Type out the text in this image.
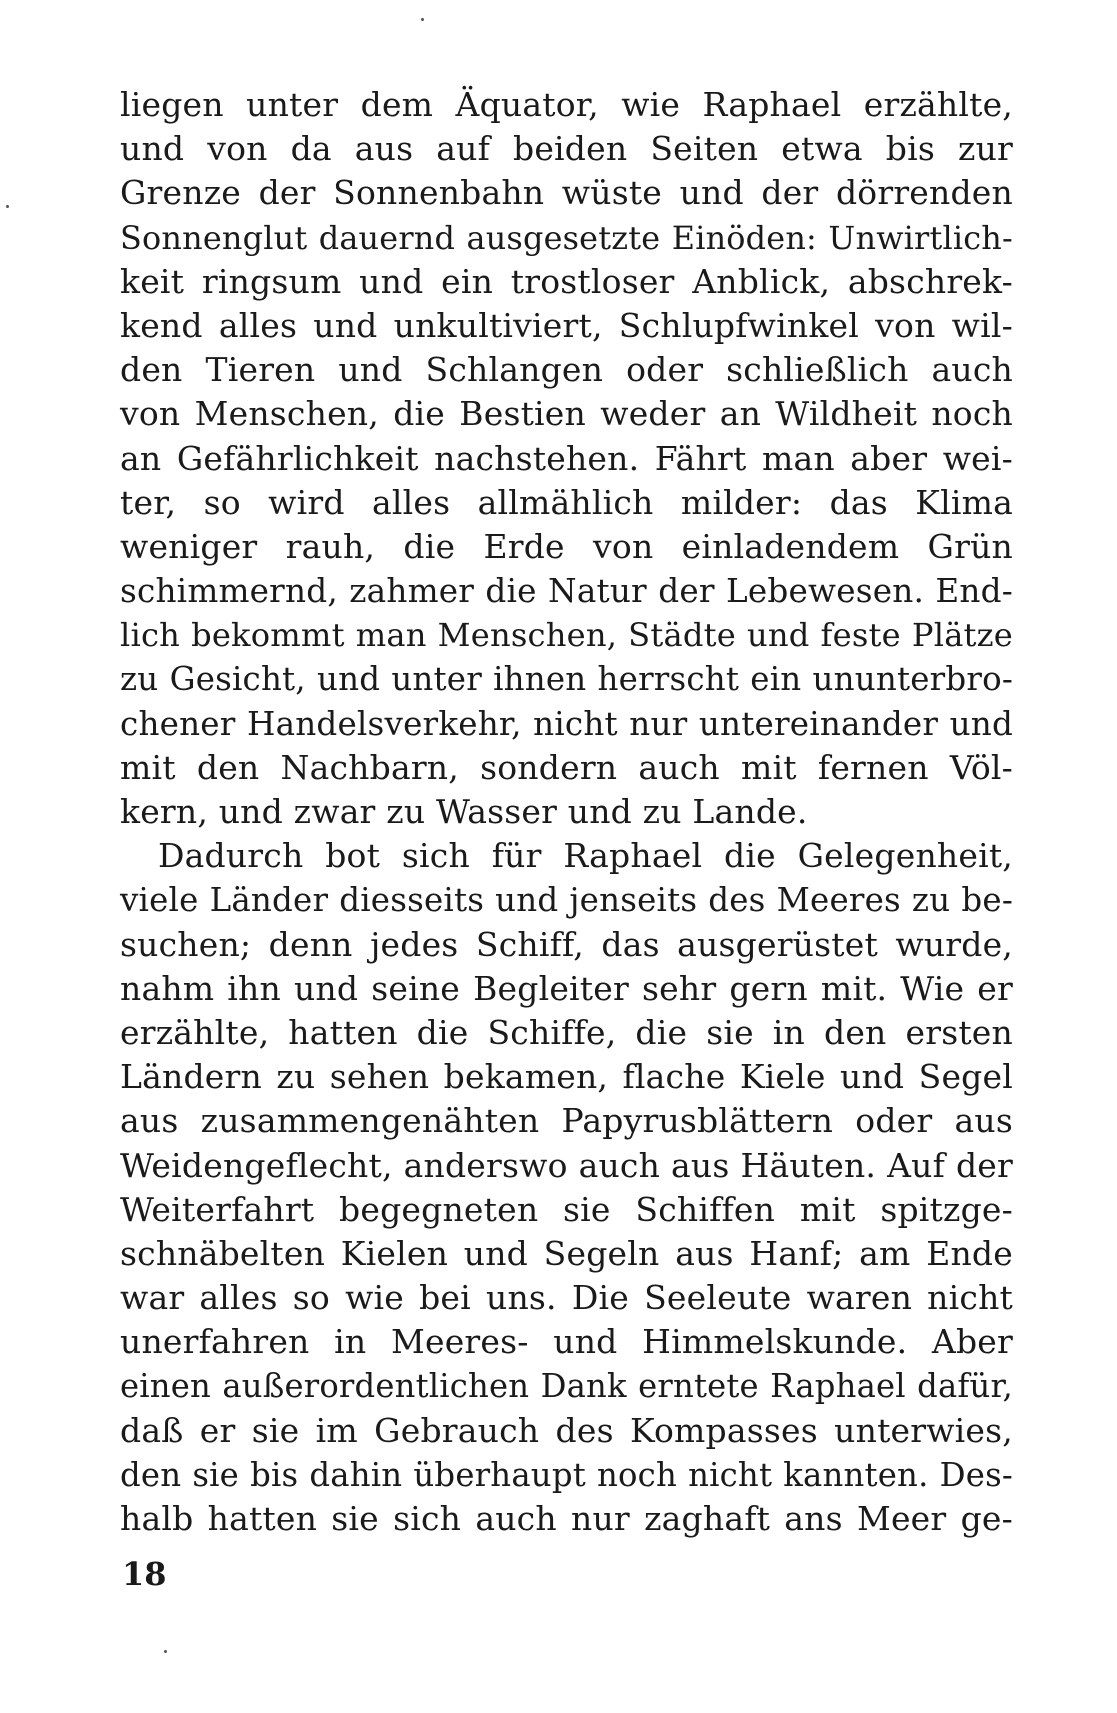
liegen unter dem Äquator, wie Raphael erzählte,
und von da aus auf beiden Seiten etwa bis zur
Grenze der Sonnenbahn wüste und der dörrenden
Sonnenglut dauernd ausgesetzte Einöden: Unwirtlich-
keit ringsum und ein trostloser Anblick, abschrek-
kend alles und unkultiviert, Schlupfwinkel von wil-
den Tieren und Schlangen oder schließlich auch
von Menschen, die Bestien weder an Wildheit noch
an Gefährlichkeit nachstehen. Fährt man aber wei-
ter, so wird alles allmählich milder: das Klima
weniger rauh, die Erde von einladendem Grün
schimmernd, zahmer die Natur der Lebewesen. End-
lich bekommt man Menschen, Städte und feste Plätze
zu Gesicht, und unter ihnen herrscht ein ununterbro-
chener Handelsverkehr, nicht nur untereinander und
mit den Nachbarn, sondern auch mit fernen Völ-
kern, und zwar zu Wasser und zu Lande.
Dadurch bot sich für Raphael die Gelegenheit,
viele Länder diesseits und jenseits des Meeres zu be-
suchen; denn jedes Schiff, das ausgerüstet wurde,
nahm ihn und seine Begleiter sehr gern mit. Wie er
erzählte, hatten die Schiffe, die sie in den ersten
Ländern zu sehen bekamen, flache Kiele und Segel
aus zusammengenähten Papyrusblättern oder aus
Weidengeflecht, anderswo auch aus Häuten. Auf der
Weiterfahrt begegneten sie Schiffen mit spitzge-
schnäbelten Kielen und Segeln aus Hanf; am Ende
war alles so wie bei uns. Die Seeleute waren nicht
unerfahren in Meeres- und Himmelskunde. Aber
einen außerordentlichen Dank erntete Raphael dafür,
daß er sie im Gebrauch des Kompasses unterwies,
den sie bis dahin überhaupt noch nicht kannten. Des-
halb hatten sie sich auch nur zaghaft ans Meer ge-
18
